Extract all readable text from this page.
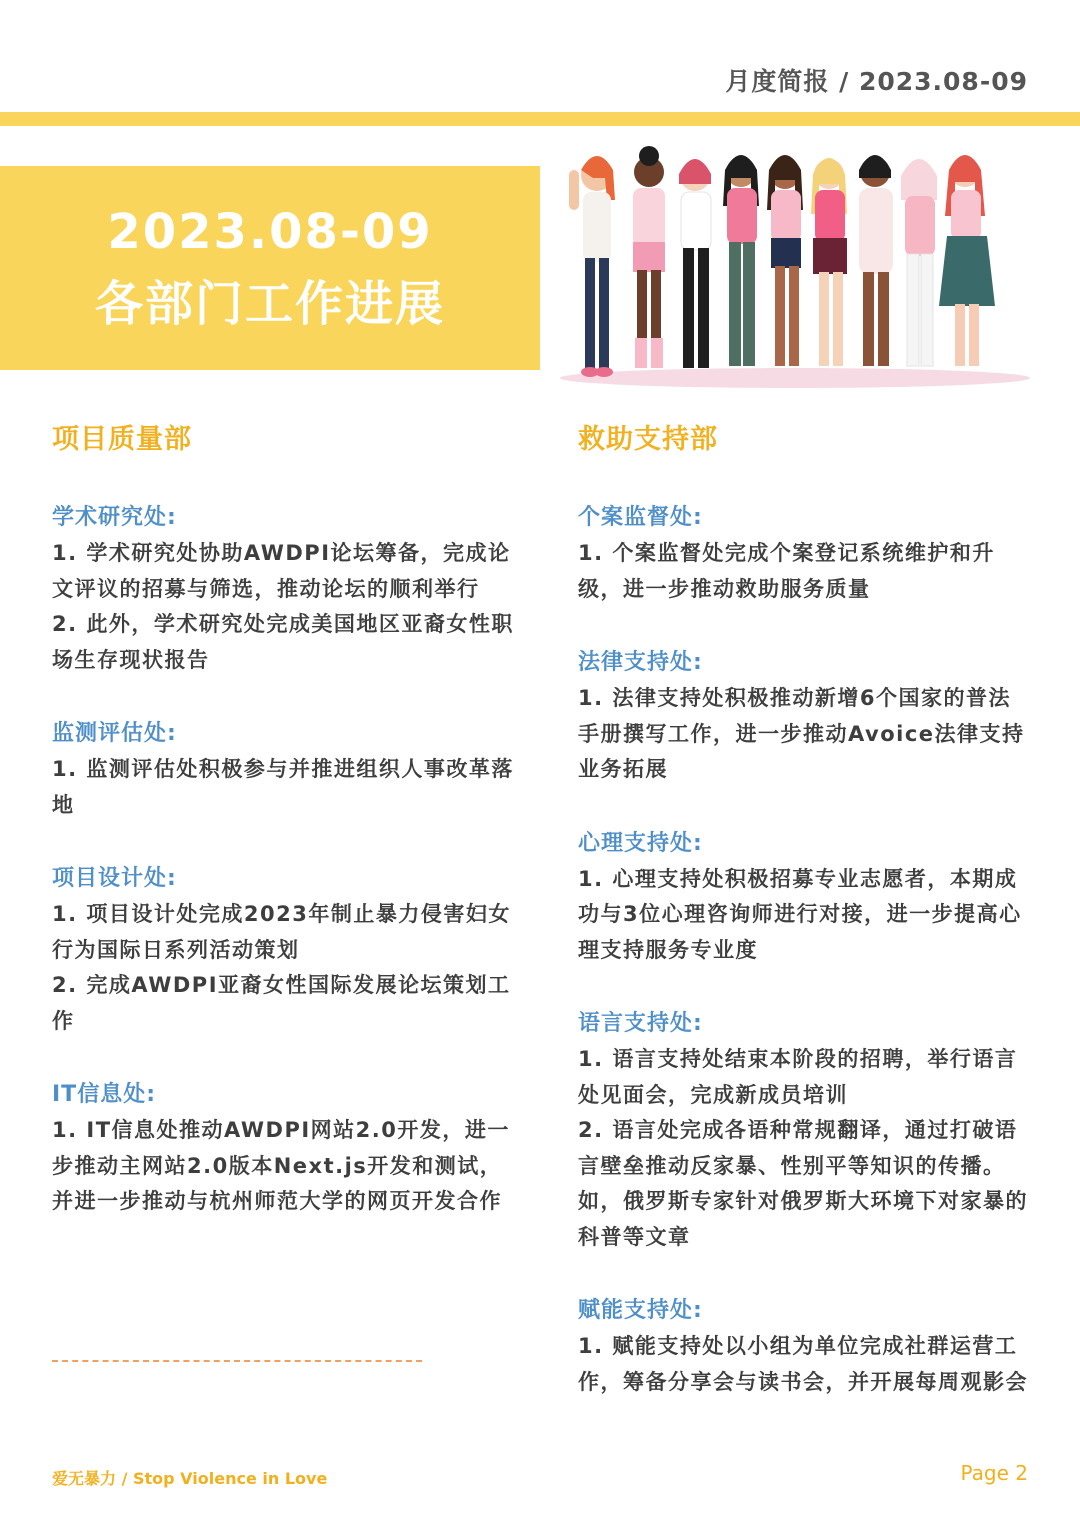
月度简报 / 2023.08-09
2023.08-09
各部门工作进展
项目质量部
学术研究处:
1. 学术研究处协助AWDPI论坛筹备，完成论文评议的招募与筛选，推动论坛的顺利举行
2. 此外，学术研究处完成美国地区亚裔女性职场生存现状报告
监测评估处:
1. 监测评估处积极参与并推进组织人事改革落地
项目设计处:
1. 项目设计处完成2023年制止暴力侵害妇女行为国际日系列活动策划
2. 完成AWDPI亚裔女性国际发展论坛策划工作
IT信息处:
1. IT信息处推动AWDPI网站2.0开发，进一步推动主网站2.0版本Next.js开发和测试，并进一步推动与杭州师范大学的网页开发合作
救助支持部
个案监督处:
1. 个案监督处完成个案登记系统维护和升级，进一步推动救助服务质量
法律支持处:
1. 法律支持处积极推动新增6个国家的普法手册撰写工作，进一步推动Avoice法律支持业务拓展
心理支持处:
1. 心理支持处积极招募专业志愿者，本期成功与3位心理咨询师进行对接，进一步提高心理支持服务专业度
语言支持处:
1. 语言支持处结束本阶段的招聘，举行语言处见面会，完成新成员培训
2. 语言处完成各语种常规翻译，通过打破语言壁垒推动反家暴、性别平等知识的传播。如，俄罗斯专家针对俄罗斯大环境下对家暴的科普等文章
赋能支持处:
1. 赋能支持处以小组为单位完成社群运营工作，筹备分享会与读书会，并开展每周观影会
爱无暴力 / Stop Violence in Love	Page 2
